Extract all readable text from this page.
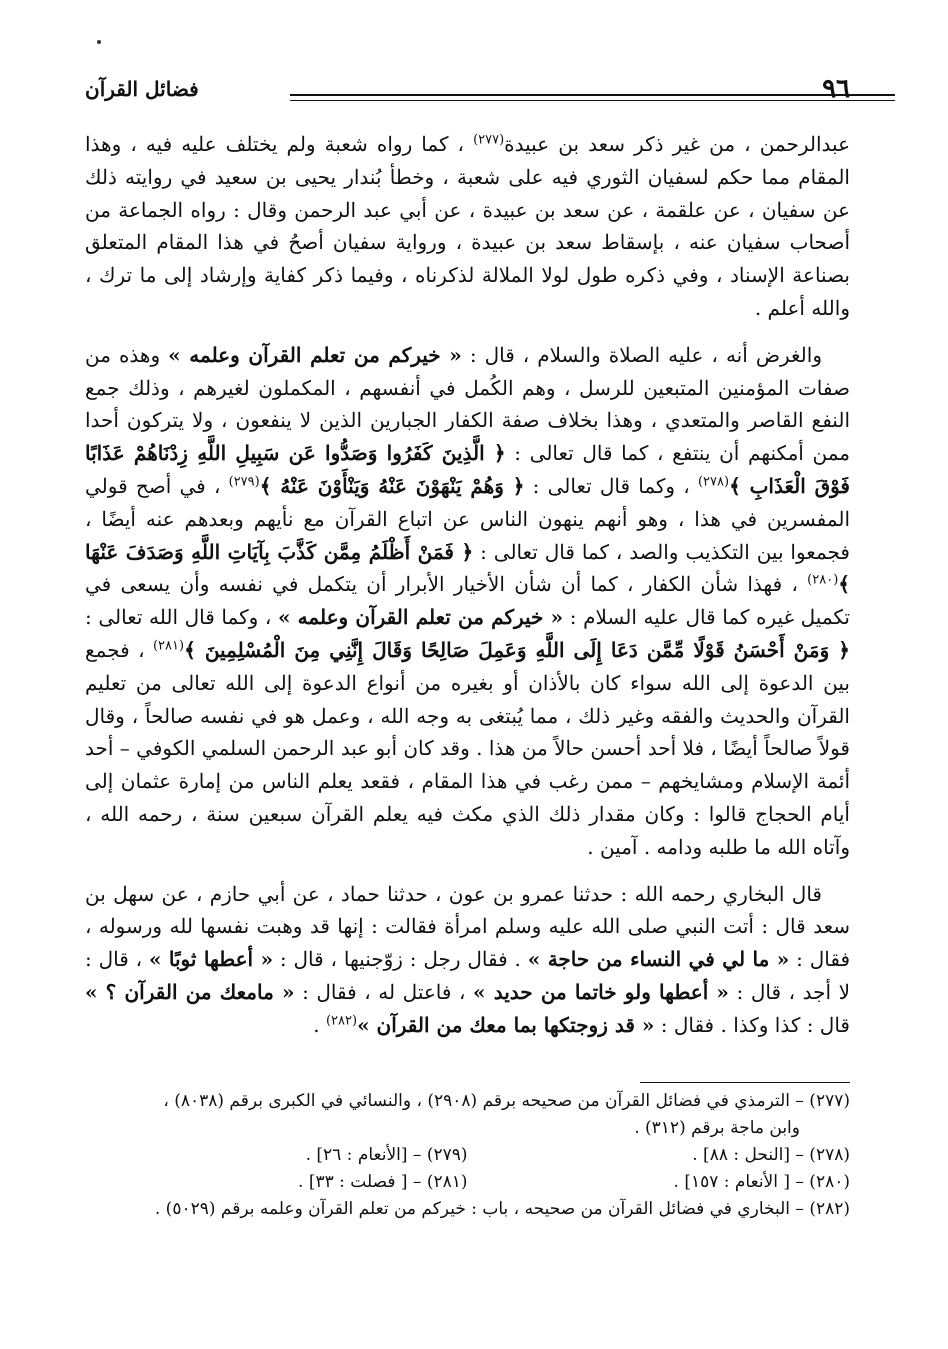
٩٦
فضائل القرآن

عبدالرحمن ، من غير ذكر سعد بن عبيدة$^{(٢٧٧)}$ ، كما رواه شعبة ولم يختلف عليه فيه ، وهذا المقام مما حكم لسفيان الثوري فيه على شعبة ، وخطأ بُندار يحيى بن سعيد في روايته ذلك عن سفيان ، عن علقمة ، عن سعد بن عبيدة ، عن أبي عبد الرحمن وقال : رواه الجماعة من أصحاب سفيان عنه ، بإسقاط سعد بن عبيدة ، ورواية سفيان أصحُ في هذا المقام المتعلق بصناعة الإسناد ، وفي ذكره طول لولا الملالة لذكرناه ، وفيما ذكر كفاية وإرشاد إلى ما ترك ، والله أعلم .

والغرض أنه ، عليه الصلاة والسلام ، قال : « خيركم من تعلم القرآن وعلمه » وهذه من صفات المؤمنين المتبعين للرسل ، وهم الكُمل في أنفسهم ، المكملون لغيرهم ، وذلك جمع النفع القاصر والمتعدي ، وهذا بخلاف صفة الكفار الجبارين الذين لا ينفعون ، ولا يتركون أحدا ممن أمكنهم أن ينتفع ، كما قال تعالى : ﴿ الَّذِينَ كَفَرُوا وَصَدُّوا عَن سَبِيلِ اللَّهِ زِدْنَاهُمْ عَذَابًا فَوْقَ الْعَذَابِ ﴾$^{(٢٧٨)}$ ، وكما قال تعالى : ﴿ وَهُمْ يَنْهَوْنَ عَنْهُ وَيَنْأَوْنَ عَنْهُ ﴾$^{(٢٧٩)}$ ، في أصح قولي المفسرين في هذا ، وهو أنهم ينهون الناس عن اتباع القرآن مع نأيهم وبعدهم عنه أيضًا ، فجمعوا بين التكذيب والصد ، كما قال تعالى : ﴿ فَمَنْ أَظْلَمُ مِمَّن كَذَّبَ بِآيَاتِ اللَّهِ وَصَدَفَ عَنْهَا ﴾$^{(٢٨٠)}$ ، فهذا شأن الكفار ، كما أن شأن الأخيار الأبرار أن يتكمل في نفسه وأن يسعى في تكميل غيره كما قال عليه السلام : « خيركم من تعلم القرآن وعلمه » ، وكما قال الله تعالى : ﴿ وَمَنْ أَحْسَنُ قَوْلًا مِّمَّن دَعَا إِلَى اللَّهِ وَعَمِلَ صَالِحًا وَقَالَ إِنَّنِي مِنَ الْمُسْلِمِينَ ﴾$^{(٢٨١)}$ ، فجمع بين الدعوة إلى الله سواء كان بالأذان أو بغيره من أنواع الدعوة إلى الله تعالى من تعليم القرآن والحديث والفقه وغير ذلك ، مما يُبتغى به وجه الله ، وعمل هو في نفسه صالحاً ، وقال قولاً صالحاً أيضًا ، فلا أحد أحسن حالاً من هذا . وقد كان أبو عبد الرحمن السلمي الكوفي – أحد أئمة الإسلام ومشايخهم – ممن رغب في هذا المقام ، فقعد يعلم الناس من إمارة عثمان إلى أيام الحجاج قالوا : وكان مقدار ذلك الذي مكث فيه يعلم القرآن سبعين سنة ، رحمه الله ، وآتاه الله ما طلبه ودامه . آمين .

قال البخاري رحمه الله : حدثنا عمرو بن عون ، حدثنا حماد ، عن أبي حازم ، عن سهل بن سعد قال : أتت النبي صلى الله عليه وسلم امرأة فقالت : إنها قد وهبت نفسها لله ورسوله ، فقال : « ما لي في النساء من حاجة » . فقال رجل : زوّجنيها ، قال : « أعطها ثوبًا » ، قال : لا أجد ، قال : « أعطها ولو خاتما من حديد » ، فاعتل له ، فقال : « مامعك من القرآن ؟ » قال : كذا وكذا . فقال : « قد زوجتكها بما معك من القرآن »$^{(٢٨٢)}$ .

(٢٧٧) – الترمذي في فضائل القرآن من صحيحه برقم (٢٩٠٨) ، والنسائي في الكبرى برقم (٨٠٣٨) ،

وابن ماجة برقم (٣١٢) .

(٢٧٨) – [النحل : ٨٨] .
(٢٧٩) – [الأنعام : ٢٦] .
(٢٨٠) – [ الأنعام : ١٥٧] .
(٢٨١) – [ فصلت : ٣٣] .

(٢٨٢) – البخاري في فضائل القرآن من صحيحه ، باب : خيركم من تعلم القرآن وعلمه برقم (٥٠٢٩) .
